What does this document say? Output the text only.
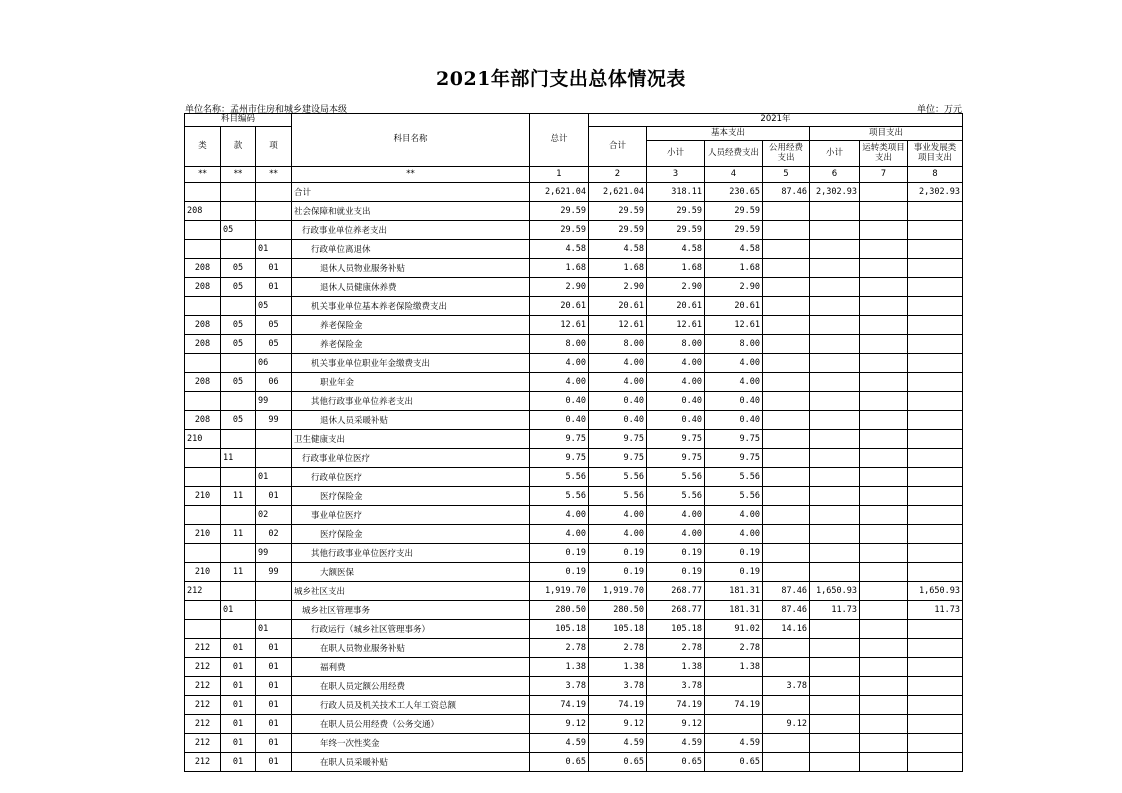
2021年部门支出总体情况表
单位名称：孟州市住房和城乡建设局本级	单位：万元
科目编码			科目名称	总计	2021年						
类	款	项			合计	基本支出			项目支出		
						小计	人员经费支出	公用经费支出	小计	运转类项目支出	事业发展类项目支出
**	**	**	**	1	2	3	4	5	6	7	8
			合计	2,621.04	2,621.04	318.11	230.65	87.46	2,302.93		2,302.93
208			社会保障和就业支出	29.59	29.59	29.59	29.59				
	05		行政事业单位养老支出	29.59	29.59	29.59	29.59				
		01	行政单位离退休	4.58	4.58	4.58	4.58				
208	05	01	退休人员物业服务补贴	1.68	1.68	1.68	1.68				
208	05	01	退休人员健康休养费	2.90	2.90	2.90	2.90				
		05	机关事业单位基本养老保险缴费支出	20.61	20.61	20.61	20.61				
208	05	05	养老保险金	12.61	12.61	12.61	12.61				
208	05	05	养老保险金	8.00	8.00	8.00	8.00				
		06	机关事业单位职业年金缴费支出	4.00	4.00	4.00	4.00				
208	05	06	职业年金	4.00	4.00	4.00	4.00				
		99	其他行政事业单位养老支出	0.40	0.40	0.40	0.40				
208	05	99	退休人员采暖补贴	0.40	0.40	0.40	0.40				
210			卫生健康支出	9.75	9.75	9.75	9.75				
	11		行政事业单位医疗	9.75	9.75	9.75	9.75				
		01	行政单位医疗	5.56	5.56	5.56	5.56				
210	11	01	医疗保险金	5.56	5.56	5.56	5.56				
		02	事业单位医疗	4.00	4.00	4.00	4.00				
210	11	02	医疗保险金	4.00	4.00	4.00	4.00				
		99	其他行政事业单位医疗支出	0.19	0.19	0.19	0.19				
210	11	99	大额医保	0.19	0.19	0.19	0.19				
212			城乡社区支出	1,919.70	1,919.70	268.77	181.31	87.46	1,650.93		1,650.93
	01		城乡社区管理事务	280.50	280.50	268.77	181.31	87.46	11.73		11.73
		01	行政运行（城乡社区管理事务）	105.18	105.18	105.18	91.02	14.16			
212	01	01	在职人员物业服务补贴	2.78	2.78	2.78	2.78				
212	01	01	福利费	1.38	1.38	1.38	1.38				
212	01	01	在职人员定额公用经费	3.78	3.78	3.78		3.78			
212	01	01	行政人员及机关技术工人年工资总额	74.19	74.19	74.19	74.19				
212	01	01	在职人员公用经费（公务交通）	9.12	9.12	9.12		9.12			
212	01	01	年终一次性奖金	4.59	4.59	4.59	4.59				
212	01	01	在职人员采暖补贴	0.65	0.65	0.65	0.65				
